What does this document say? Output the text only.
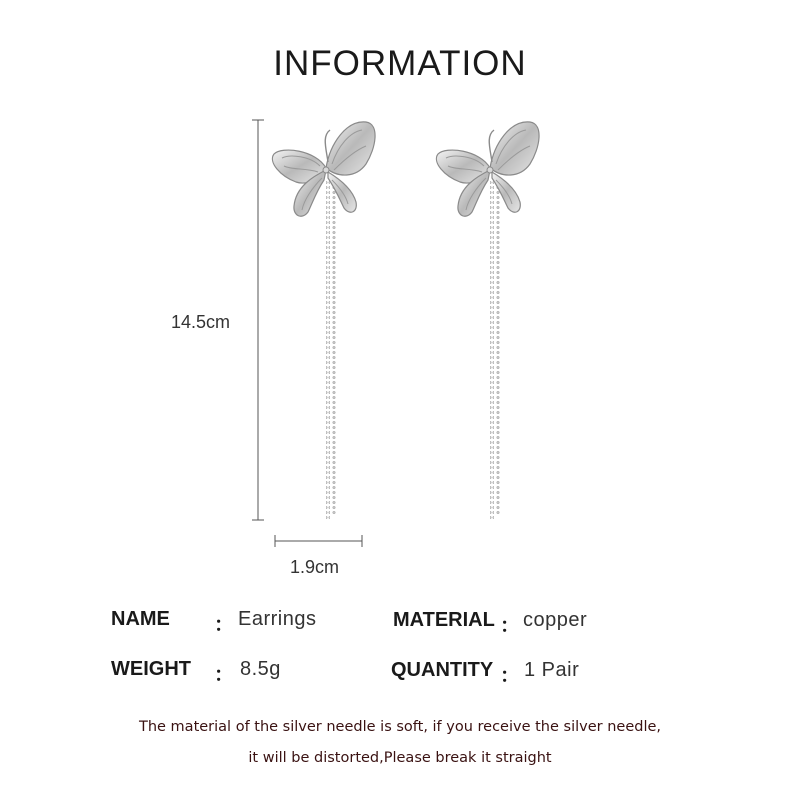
INFORMATION
14.5cm
1.9cm
NAME ： Earrings	MATERIAL ： copper
WEIGHT ： 8.5g	QUANTITY ： 1 Pair
The material of the silver needle is soft, if you receive the silver needle,
it will be distorted,Please break it straight
